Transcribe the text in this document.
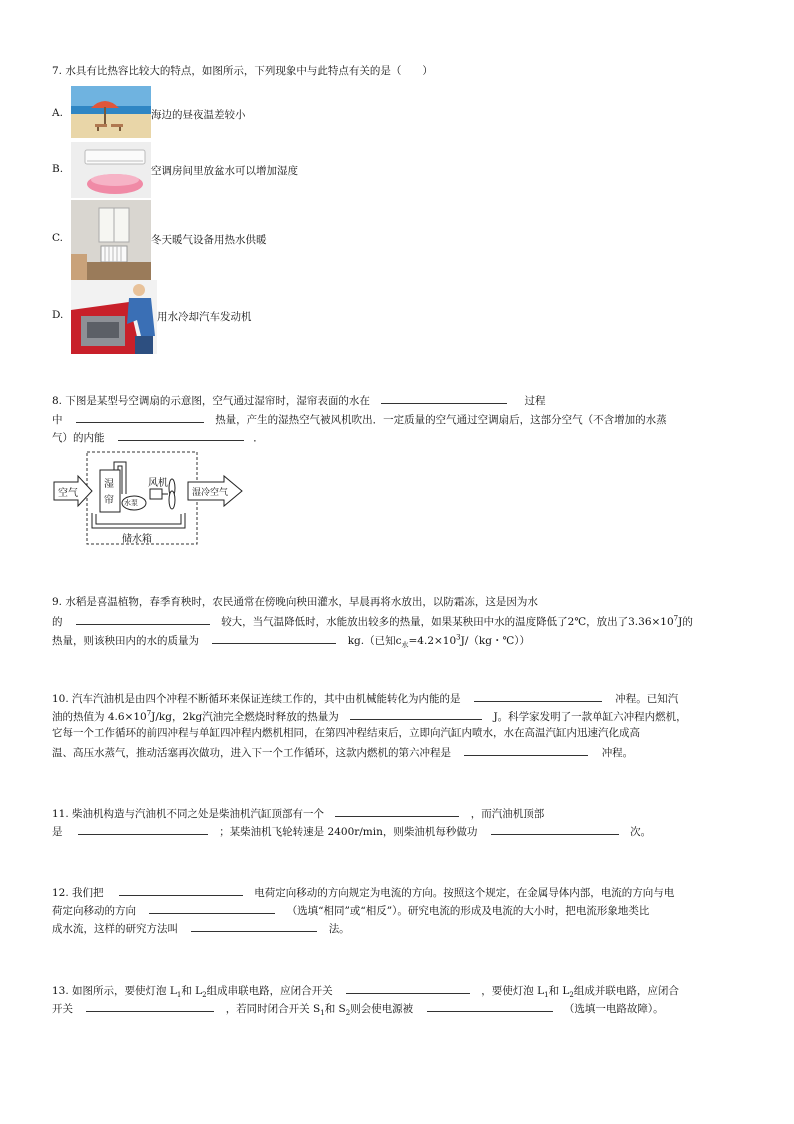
7. 水具有比热容比较大的特点，如图所示，下列现象中与此特点有关的是（　　）
A.	海边的昼夜温差较小
B.	空调房间里放盆水可以增加湿度
C.	冬天暖气设备用热水供暖
D.	用水冷却汽车发动机
8. 下图是某型号空调扇的示意图，空气通过湿帘时，湿帘表面的水在	过程
中	热量，产生的湿热空气被风机吹出．一定质量的空气通过空调扇后，这部分空气（不含增加的水蒸
气）的内能	．
空气
湿
帘
风机
水泵
储水箱
湿冷空气
9. 水稻是喜温植物，春季育秧时，农民通常在傍晚向秧田灌水，早晨再将水放出，以防霜冻，这是因为水
的	较大，当气温降低时，水能放出较多的热量，如果某秧田中水的温度降低了2℃，放出了$3.36\times 10^7J$的
热量，则该秧田内的水的质量为	kg.（已知$c_水=4.2\times 10^3J/(kg$・℃））
10. 汽车汽油机是由四个冲程不断循环来保证连续工作的，其中由机械能转化为内能的是	冲程。已知汽
油的热值为 $4.6\times 10^7J/kg$，2kg汽油完全燃烧时释放的热量为	J。科学家发明了一款单缸六冲程内燃机，
它每一个工作循环的前四冲程与单缸四冲程内燃机相同，在第四冲程结束后，立即向汽缸内喷水，水在高温汽缸内迅速汽化成高
温、高压水蒸气，推动活塞再次做功，进入下一个工作循环，这款内燃机的第六冲程是	冲程。
11. 柴油机构造与汽油机不同之处是柴油机汽缸顶部有一个	，而汽油机顶部
是	；某柴油机飞轮转速是 2400r/min，则柴油机每秒做功	次。
12. 我们把	电荷定向移动的方向规定为电流的方向。按照这个规定，在金属导体内部，电流的方向与电
荷定向移动的方向	（选填“相同”或“相反”）。研究电流的形成及电流的大小时，把电流形象地类比
成水流，这样的研究方法叫	法。
13. 如图所示，要使灯泡 $L_1$和 $L_2$组成串联电路，应闭合开关	，要使灯泡 $L_1$和 $L_2$组成并联电路，应闭合
开关	，若同时闭合开关 $S_1$和 $S_2$则会使电源被	（选填一电路故障）。
